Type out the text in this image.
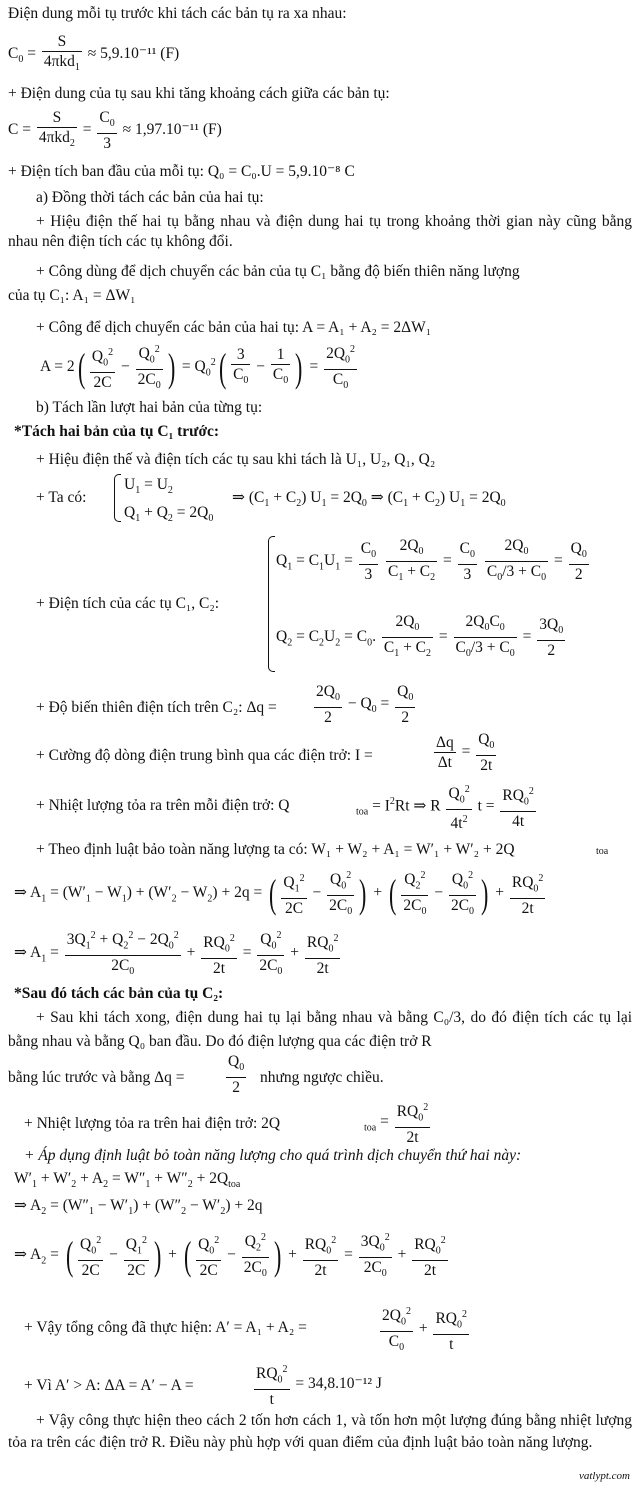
Điện dung mỗi tụ trước khi tách các bản tụ ra xa nhau:
$C_0 = \frac{S}{4\pi kd_1} \approx 5,9.10^{-11}$ (F)
+ Điện dung của tụ sau khi tăng khoảng cách giữa các bản tụ:
$C = \frac{S}{4\pi kd_2} = \frac{C_0}{3} \approx 1,97.10^{-11}$ (F)
+ Điện tích ban đầu của mỗi tụ: Q₀ = C₀.U = 5,9.10⁻⁸ C
a) Đồng thời tách các bản của hai tụ:
+ Hiệu điện thế hai tụ bằng nhau và điện dung hai tụ trong khoảng thời gian này cũng bằng nhau nên điện tích các tụ không đổi.
+ Công dùng để dịch chuyển các bản của tụ C₁ bằng độ biến thiên năng lượng
của tụ C₁: A₁ = ΔW₁
+ Công để dịch chuyển các bản của hai tụ: A = A₁ + A₂ = 2ΔW₁
$A = 2( \frac{Q_0^2}{2C} - \frac{Q_0^2}{2C_0}$ ) = $Q_0^2( \frac{3}{C_0} - \frac{1}{C_0}$ ) = $\frac{2Q_0^2}{C_0}$
b) Tách lần lượt hai bản của từng tụ:
*Tách hai bản của tụ C₁ trước:
+ Hiệu điện thế và điện tích các tụ sau khi tách là U₁, U₂, Q₁, Q₂
+ Ta có:
$U_1 = U_2$
$Q_1 + Q_2 = 2Q_0$
⇒ $(C_1 + C_2) U_1 = 2Q_0$ ⇒ $(C_1 + C_2) U_1 = 2Q_0$
+ Điện tích của các tụ C₁, C₂:
$Q_1 = C_1U_1 = \frac{C_0}{3}$
$\frac{2Q_0}{C_1 + C_2} = \frac{C_0}{3}$
$\frac{2Q_0}{C_0/3 + C_0} = \frac{Q_0}{2}$
$Q_2 = C_2U_2 = C_0$. $\frac{2Q_0}{C_1 + C_2} = \frac{2Q_0C_0}{C_0/3 + C_0} = \frac{3Q_0}{2}$
+ Độ biến thiên điện tích trên C₂: $\Delta q = \frac{2Q_0}{2} - Q_0 = \frac{Q_0}{2}$
+ Cường độ dòng điện trung bình qua các điện trở: I =	$\frac{\Delta q}{\Delta t} = \frac{Q_0}{2t}$
+ Nhiệt lượng tỏa ra trên mỗi điện trở: Q	$_{toa} = I^2Rt$ ⇒ R $\frac{Q_0^2}{4t^2}$ $t = \frac{RQ_0^2}{4t}$
+ Theo định luật bảo toàn năng lượng ta có: W₁ + W₂ + A₁ = W′₁ + W′₂ + 2Q	toa
⇒ $A_1 = (W'_1 - W_1) + (W'_2 - W_2) + 2q$ = ( $\frac{Q_1^2}{2C} - \frac{Q_0^2}{2C_0}$ ) + ( $\frac{Q_2^2}{2C_0} - \frac{Q_0^2}{2C_0}$ ) + $\frac{RQ_0^2}{2t}$
⇒ $A_1 = \frac{3Q_1^2 + Q_2^2 - 2Q_0^2}{2C_0} + \frac{RQ_0^2}{2t} = \frac{Q_0^2}{2C_0} + \frac{RQ_0^2}{2t}$
*Sau đó tách các bản của tụ C₂:
+ Sau khi tách xong, điện dung hai tụ lại bằng nhau và bằng C₀/3, do đó điện tích các tụ lại bằng nhau và bằng Q₀ ban đầu. Do đó điện lượng qua các điện trở R
bằng lúc trước và bằng Δq =	$\frac{Q_0}{2}$ nhưng ngược chiều.
+ Nhiệt lượng tỏa ra trên hai điện trở: 2Q	$_{toa} = \frac{RQ_0^2}{2t}$
+ Áp dụng định luật bỏ toàn năng lượng cho quá trình dịch chuyển thứ hai này:
$W'_1 + W'_2 + A_2 = W''_1 + W''_2 + 2Q_{toa}$
⇒ $A_2 = (W''_1 - W'_1) + (W''_2 - W'_2) + 2q$
⇒ $A_2$ = ( $\frac{Q_0^2}{2C} - \frac{Q_1^2}{2C}$ ) + ( $\frac{Q_0^2}{2C} - \frac{Q_2^2}{2C_0}$ ) + $\frac{RQ_0^2}{2t} = \frac{3Q_0^2}{2C_0} + \frac{RQ_0^2}{2t}$
+ Vậy tổng công đã thực hiện: A′ = A₁ + A₂ =	$\frac{2Q_0^2}{C_0} + \frac{RQ_0^2}{t}$
+ Vì A′ > A: ΔA = A′ − A =	$\frac{RQ_0^2}{t} = 34,8.10^{-12}$ J
+ Vậy công thực hiện theo cách 2 tốn hơn cách 1, và tốn hơn một lượng đúng bằng nhiệt lượng tỏa ra trên các điện trở R. Điều này phù hợp với quan điểm của định luật bảo toàn năng lượng.
vatlypt.com
